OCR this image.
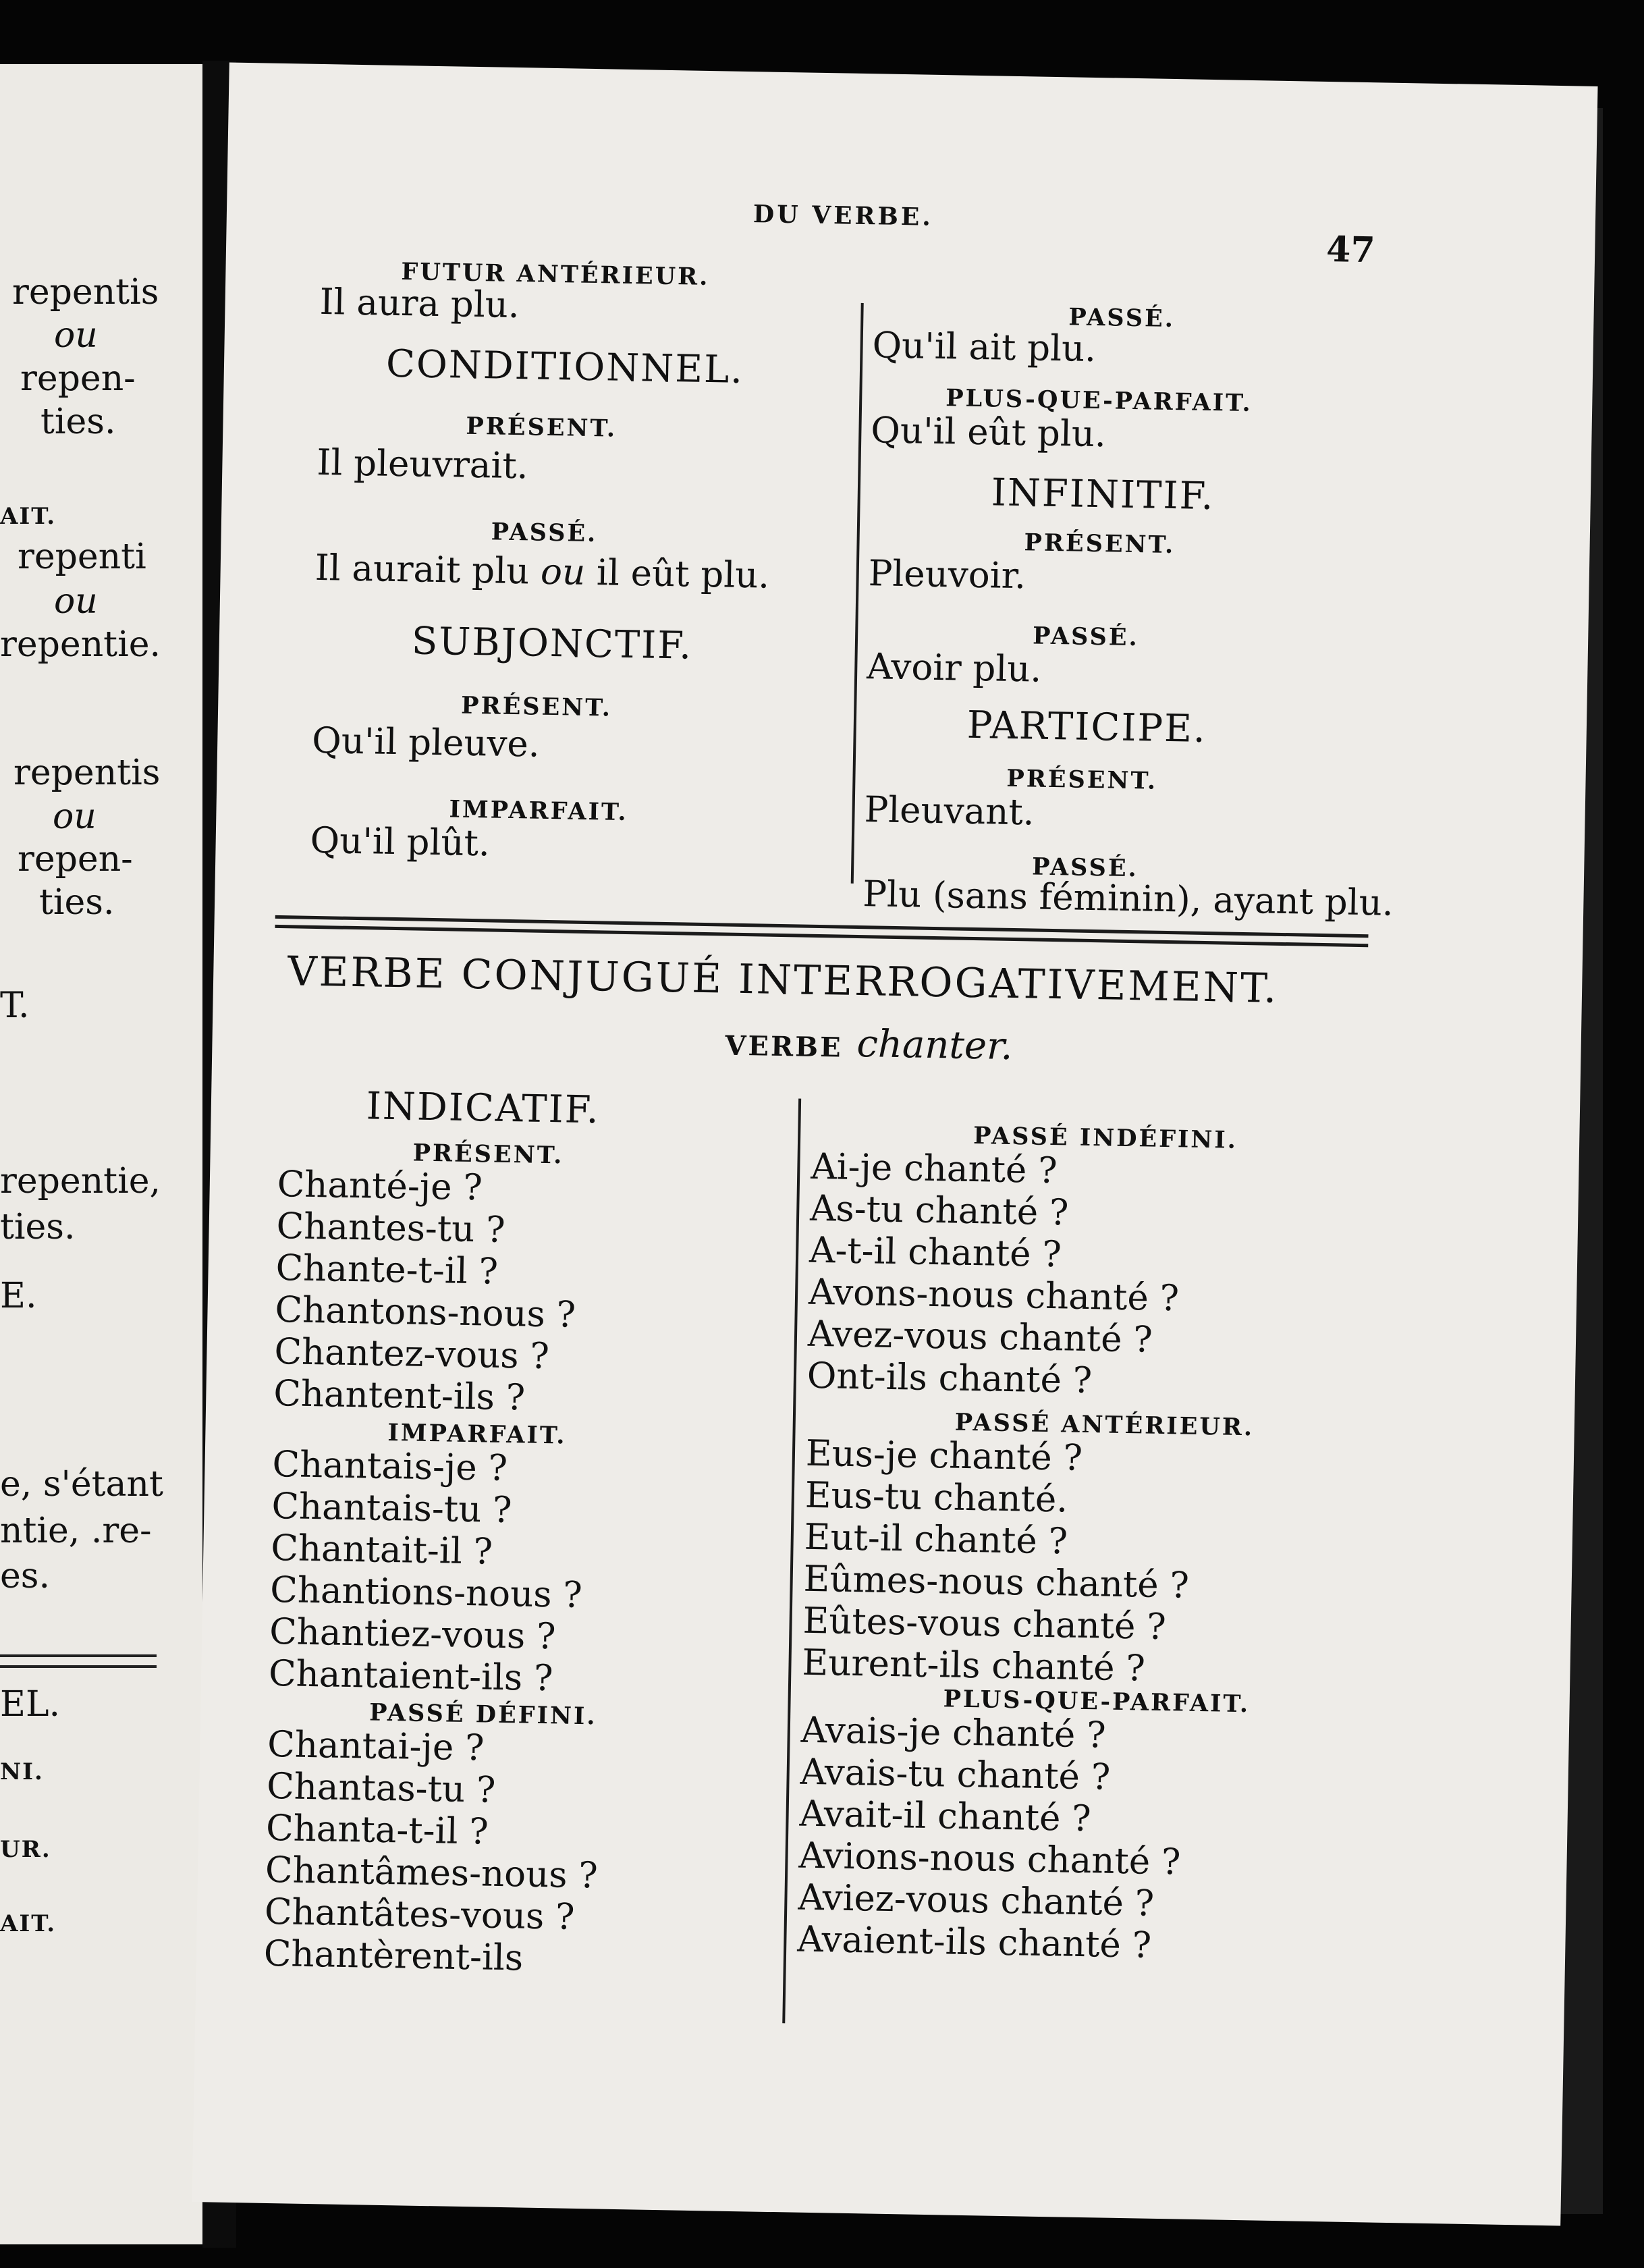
repentis
ou
repen-
ties.
AIT.
repenti
ou
repentie.
repentis
ou
repen-
ties.
T.
repentie,
ties.
E.
e, s'étant
ntie, .re-
es.
EL.
NI.
UR.
AIT.
DU VERBE.
47
FUTUR ANTÉRIEUR.
Il aura plu.
CONDITIONNEL.
PRÉSENT.
Il pleuvrait.
PASSÉ.
Il aurait plu ou il eût plu.
SUBJONCTIF.
PRÉSENT.
Qu'il pleuve.
IMPARFAIT.
Qu'il plût.
PASSÉ.
Qu'il ait plu.
PLUS-QUE-PARFAIT.
Qu'il eût plu.
INFINITIF.
PRÉSENT.
Pleuvoir.
PASSÉ.
Avoir plu.
PARTICIPE.
PRÉSENT.
Pleuvant.
PASSÉ.
Plu (sans féminin), ayant plu.
VERBE CONJUGUÉ INTERROGATIVEMENT.
VERBE chanter.
INDICATIF.
PRÉSENT.
Chanté-je ?
Chantes-tu ?
Chante-t-il ?
Chantons-nous ?
Chantez-vous ?
Chantent-ils ?
IMPARFAIT.
Chantais-je ?
Chantais-tu ?
Chantait-il ?
Chantions-nous ?
Chantiez-vous ?
Chantaient-ils ?
PASSÉ DÉFINI.
Chantai-je ?
Chantas-tu ?
Chanta-t-il ?
Chantâmes-nous ?
Chantâtes-vous ?
Chantèrent-ils
PASSÉ INDÉFINI.
Ai-je chanté ?
As-tu chanté ?
A-t-il chanté ?
Avons-nous chanté ?
Avez-vous chanté ?
Ont-ils chanté ?
PASSÉ ANTÉRIEUR.
Eus-je chanté ?
Eus-tu chanté.
Eut-il chanté ?
Eûmes-nous chanté ?
Eûtes-vous chanté ?
Eurent-ils chanté ?
PLUS-QUE-PARFAIT.
Avais-je chanté ?
Avais-tu chanté ?
Avait-il chanté ?
Avions-nous chanté ?
Aviez-vous chanté ?
Avaient-ils chanté ?
